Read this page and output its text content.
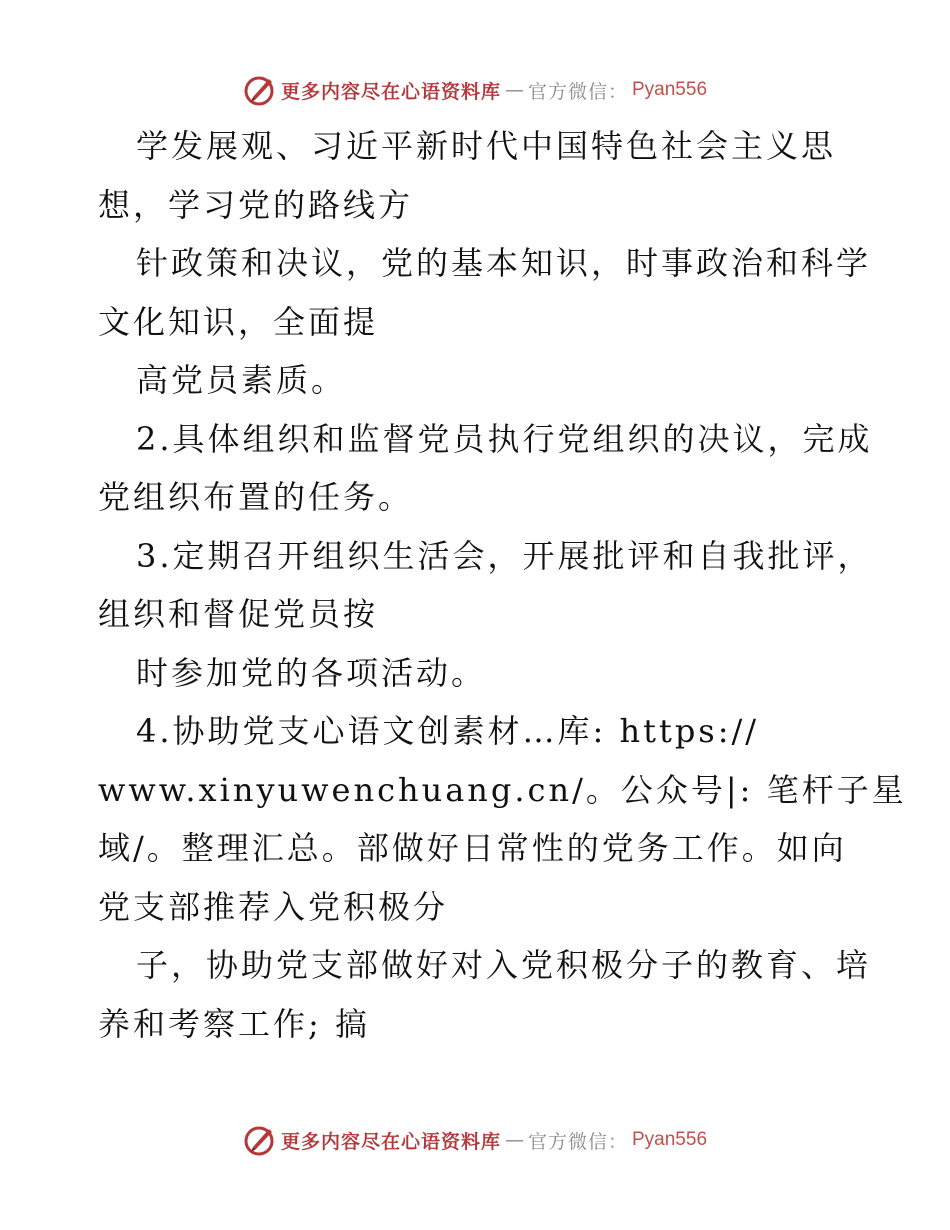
更多内容尽在心语资料库 — 官方微信： Pyan556
学发展观、习近平新时代中国特色社会主义思
想，学习党的路线方
针政策和决议，党的基本知识，时事政治和科学
文化知识，全面提
高党员素质。
2.具体组织和监督党员执行党组织的决议，完成
党组织布置的任务。
3.定期召开组织生活会，开展批评和自我批评，
组织和督促党员按
时参加党的各项活动。
4.协助党支心语文创素材…库: https://
www.xinyuwenchuang.cn/。公众号|: 笔杆子星
域/。整理汇总。部做好日常性的党务工作。如向
党支部推荐入党积极分
子，协助党支部做好对入党积极分子的教育、培
养和考察工作; 搞
更多内容尽在心语资料库 — 官方微信： Pyan556
